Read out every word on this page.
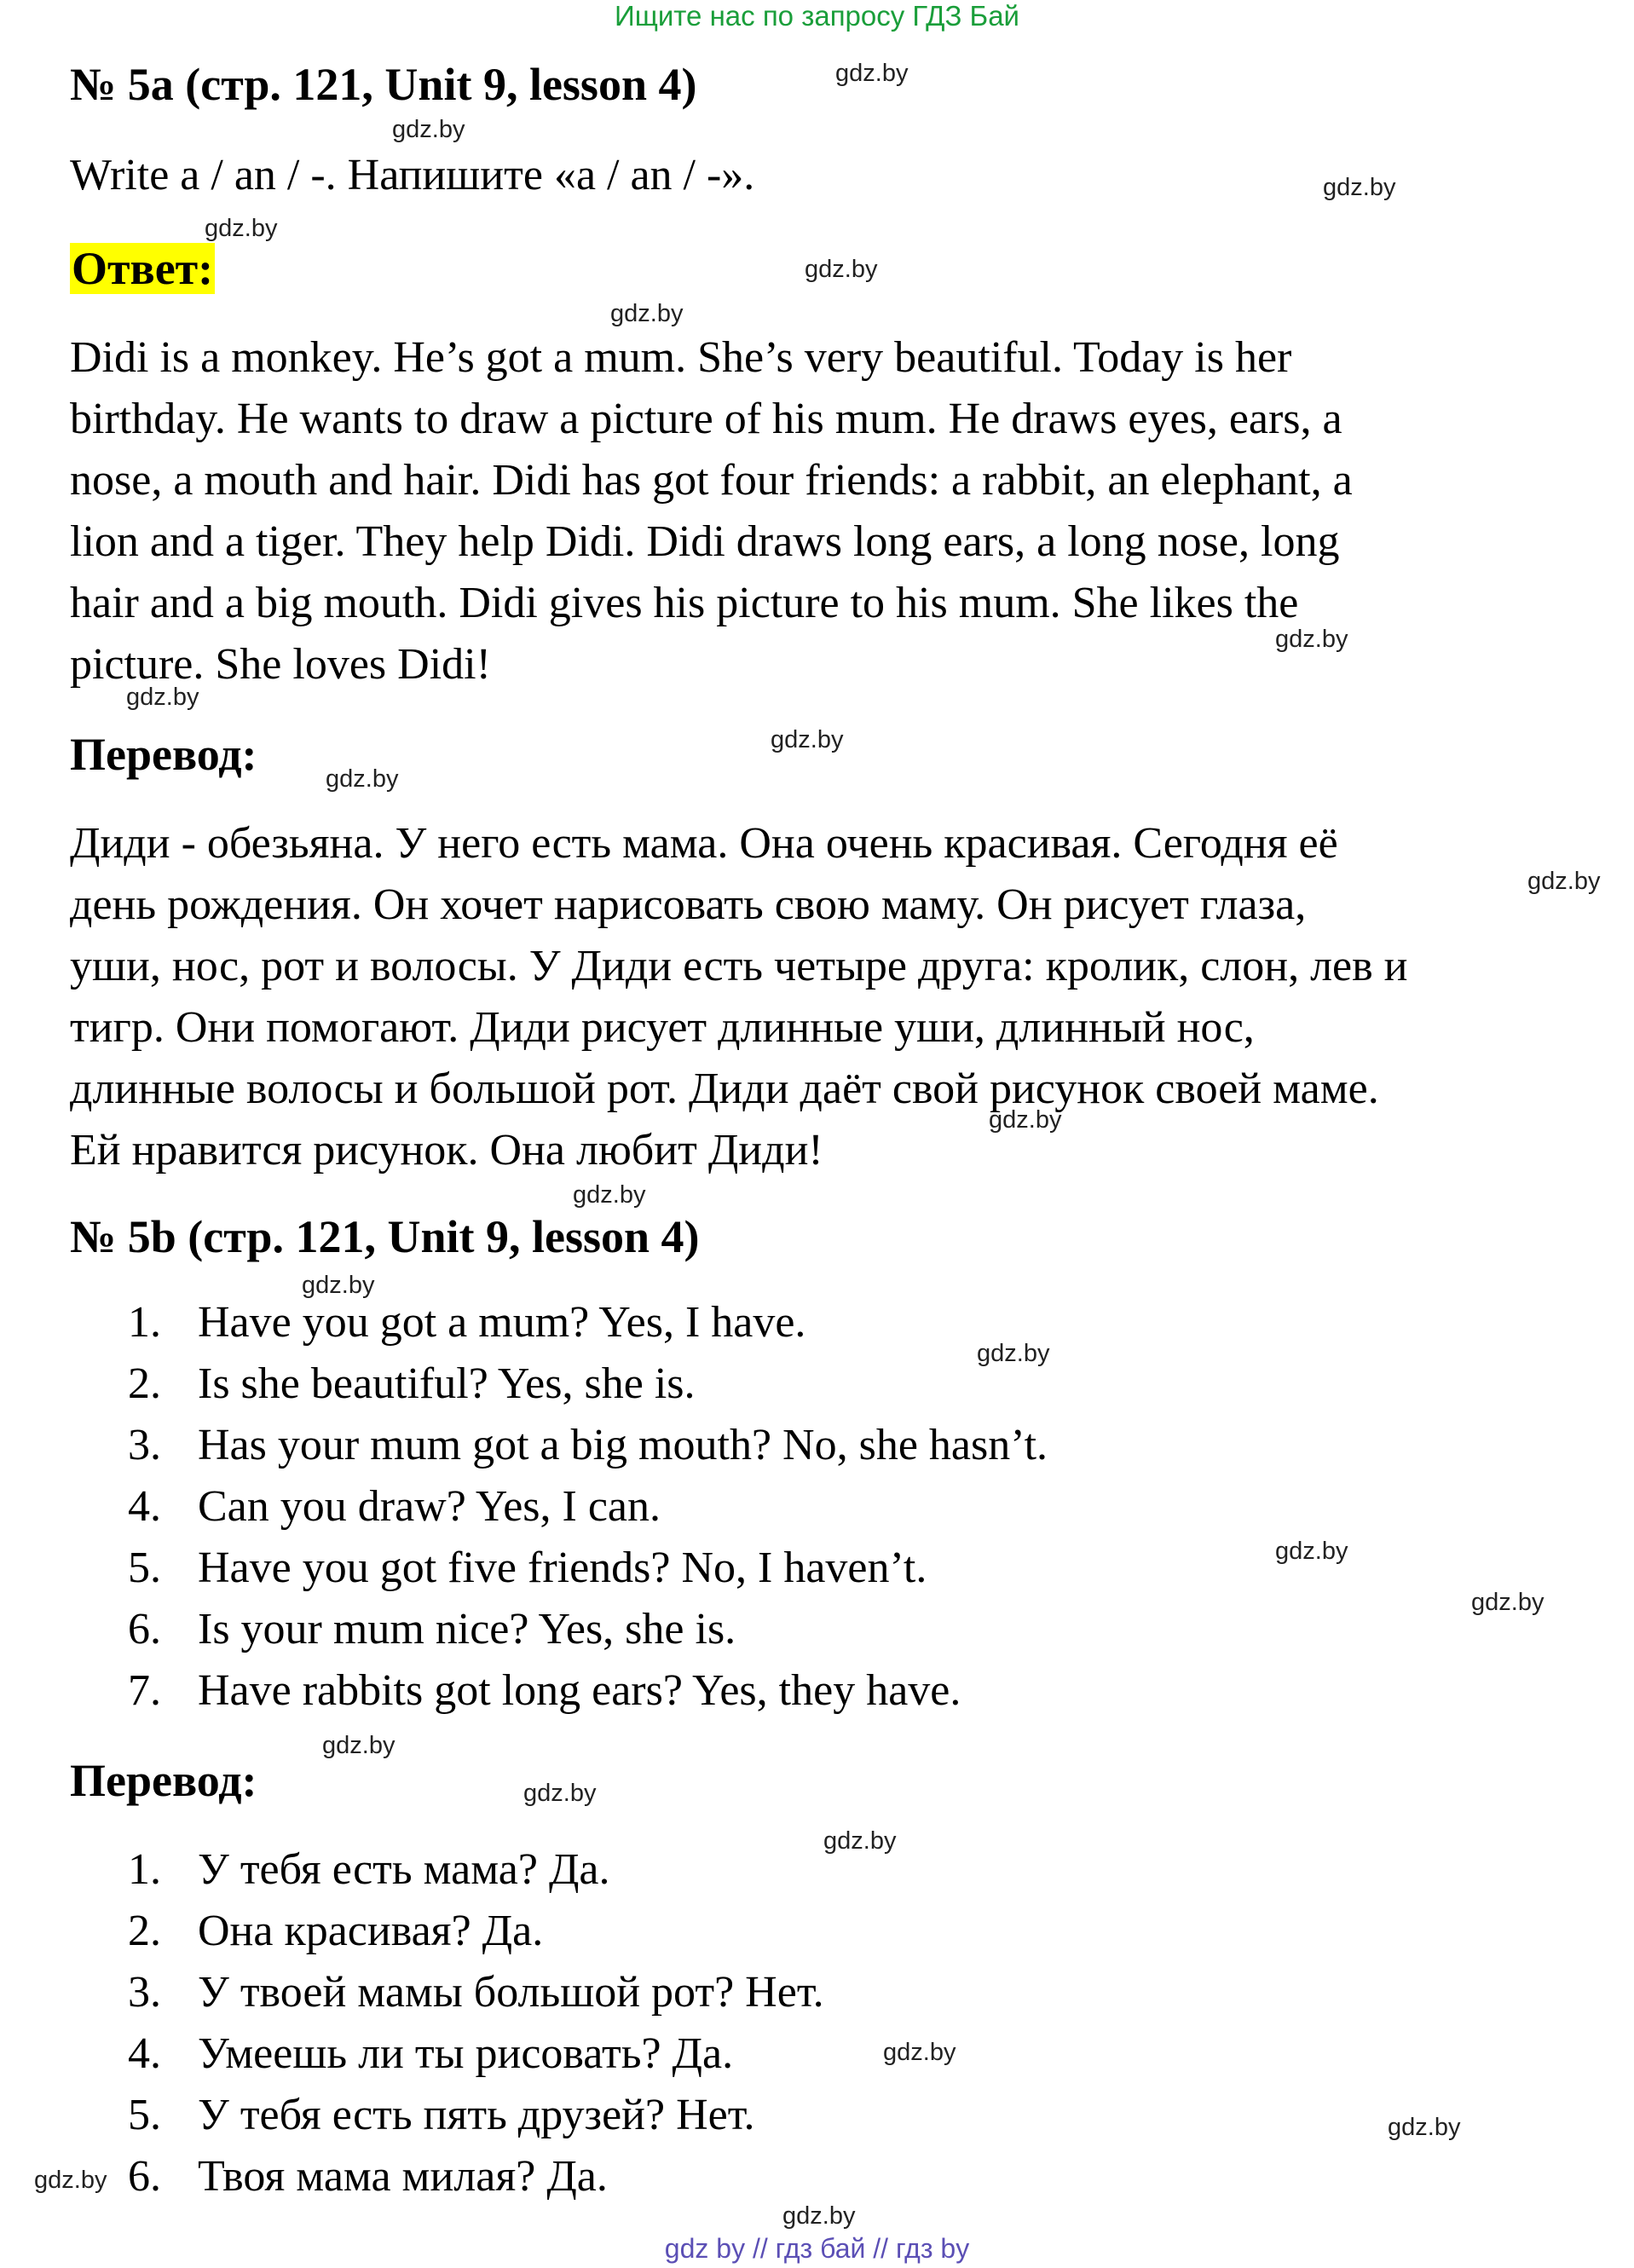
Ищите нас по запросу ГДЗ Бай
№ 5a (стр. 121, Unit 9, lesson 4)
Write a / an / -. Напишите «a / an / -».
Ответ:
Didi is a monkey. He’s got a mum. She’s very beautiful. Today is her
birthday. He wants to draw a picture of his mum. He draws eyes, ears, a
nose, a mouth and hair. Didi has got four friends: a rabbit, an elephant, a
lion and a tiger. They help Didi. Didi draws long ears, a long nose, long
hair and a big mouth. Didi gives his picture to his mum. She likes the
picture. She loves Didi!
Перевод:
Диди - обезьяна. У него есть мама. Она очень красивая. Сегодня её
день рождения. Он хочет нарисовать свою маму. Он рисует глаза,
уши, нос, рот и волосы. У Диди есть четыре друга: кролик, слон, лев и
тигр. Они помогают. Диди рисует длинные уши, длинный нос,
длинные волосы и большой рот. Диди даёт свой рисунок своей маме.
Ей нравится рисунок. Она любит Диди!
№ 5b (стр. 121, Unit 9, lesson 4)
1. Have you got a mum? Yes, I have.
2. Is she beautiful? Yes, she is.
3. Has your mum got a big mouth? No, she hasn’t.
4. Can you draw? Yes, I can.
5. Have you got five friends? No, I haven’t.
6. Is your mum nice? Yes, she is.
7. Have rabbits got long ears? Yes, they have.
Перевод:
1. У тебя есть мама? Да.
2. Она красивая? Да.
3. У твоей мамы большой рот? Нет.
4. Умеешь ли ты рисовать? Да.
5. У тебя есть пять друзей? Нет.
6. Твоя мама милая? Да.
gdz.by
gdz.by
gdz.by
gdz.by
gdz.by
gdz.by
gdz.by
gdz.by
gdz.by
gdz.by
gdz.by
gdz.by
gdz.by
gdz.by
gdz.by
gdz.by
gdz.by
gdz.by
gdz.by
gdz.by
gdz.by
gdz.by
gdz.by
gdz.by
gdz by // гдз бай // гдз by
